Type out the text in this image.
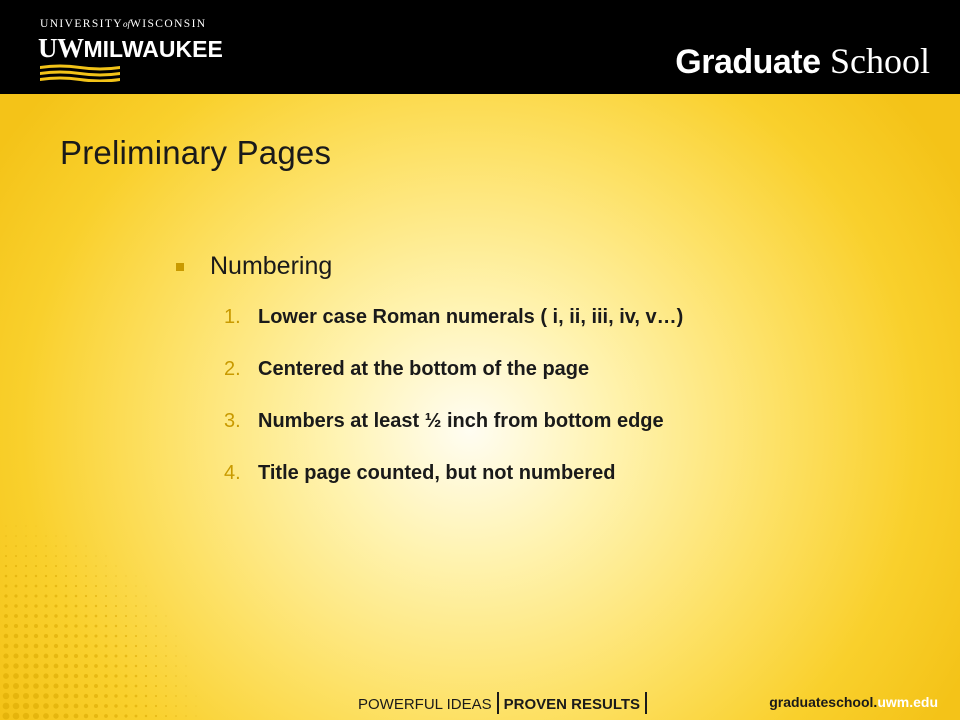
UNIVERSITYofWISCONSIN
UWMILWAUKEE	Graduate School
Preliminary Pages
Numbering
1. Lower case Roman numerals ( i, ii, iii, iv, v…)
2. Centered at the bottom of the page
3. Numbers at least ½ inch from bottom edge
4. Title page counted, but not numbered
POWERFUL IDEAS PROVEN RESULTS	graduateschool.uwm.edu
